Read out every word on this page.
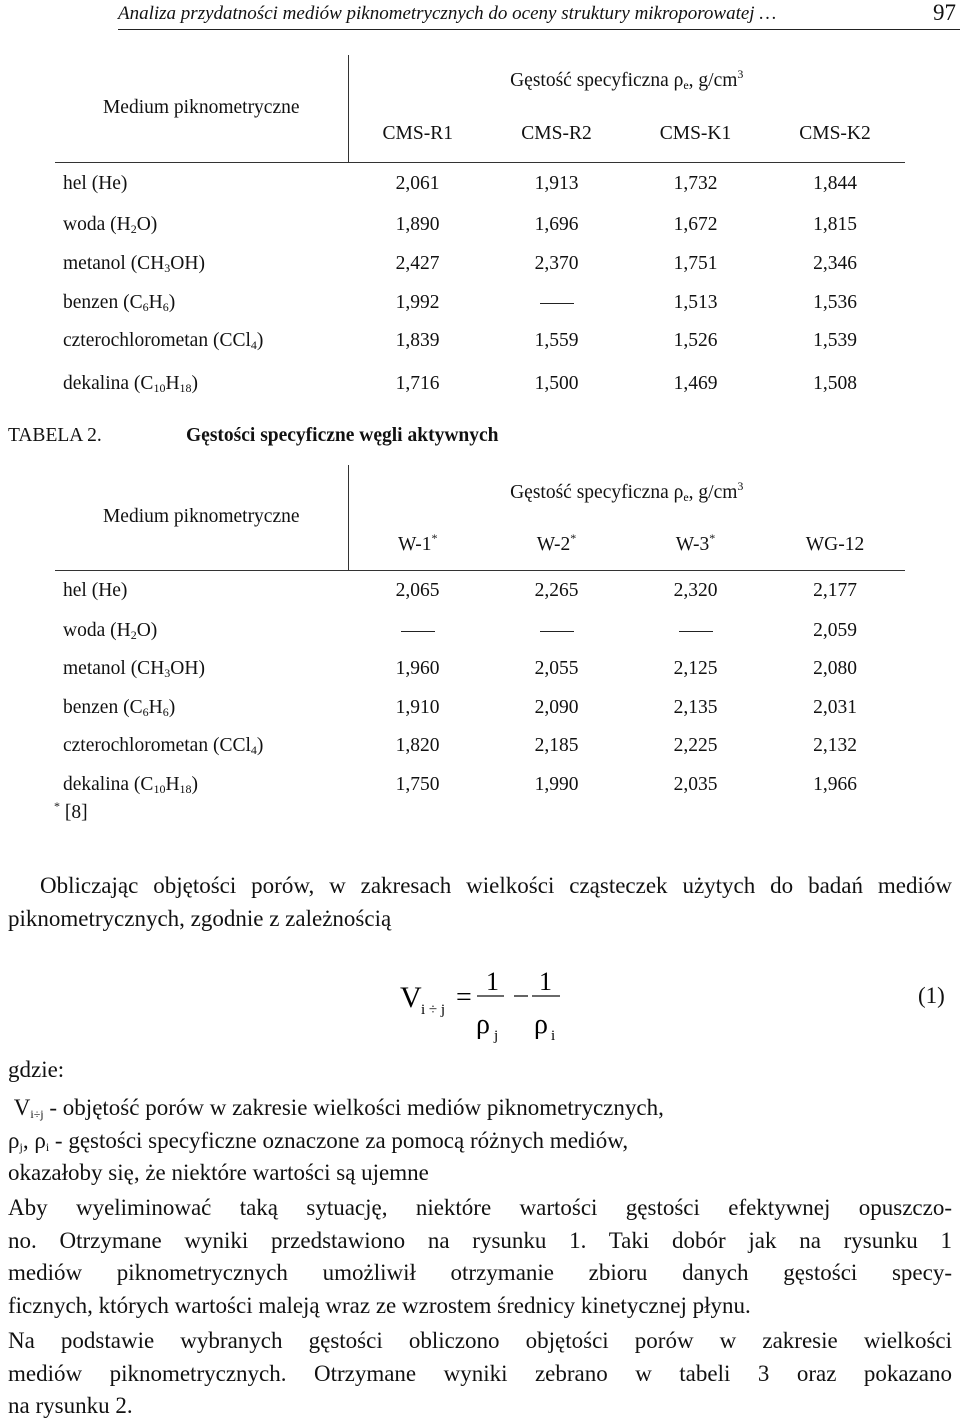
Analiza przydatności mediów piknometrycznych do oceny struktury mikroporowatej …	97
Medium piknometryczne	Gęstość specyficzna $\rho_e$, $g/cm^3$
	CMS-R1	CMS-R2	CMS-K1	CMS-K2
hel (He)	2,061	1,913	1,732	1,844
woda $(H_2O)$	1,890	1,696	1,672	1,815
metanol $(CH_3OH)$	2,427	2,370	1,751	2,346
benzen $(C_6H_6)$	1,992		1,513	1,536
czterochlorometan (CCl$_4$)	1,839	1,559	1,526	1,539
dekalina $(C_{10}H_{18})$	1,716	1,500	1,469	1,508
TABELA 2.	Gęstości specyficzne węgli aktywnych
Medium piknometryczne	Gęstość specyficzna $\rho_e$, $g/cm^3$
	W-1*	W-2*	W-3*	WG-12
hel (He)	2,065	2,265	2,320	2,177
woda $(H_2O)$				2,059
metanol $(CH_3OH)$	1,960	2,055	2,125	2,080
benzen $(C_6H_6)$	1,910	2,090	2,135	2,031
czterochlorometan (CCl$_4$)	1,820	2,185	2,225	2,132
dekalina $(C_{10}H_{18})$	1,750	1,990	2,035	1,966
* [8]
Obliczając objętości porów, w zakresach wielkości cząsteczek użytych do badań mediów piknometrycznych, zgodnie z zależnością
V i ÷ j =
1
ρ j
1
ρ i
(1)
gdzie:
$V_{i\div j}$ - objętość porów w zakresie wielkości mediów piknometrycznych,
$\rho_j$, $\rho_i$ - gęstości specyficzne oznaczone za pomocą różnych mediów,
okazałoby się, że niektóre wartości są ujemne
Aby wyeliminować taką sytuację, niektóre wartości gęstości efektywnej opuszczo-
no. Otrzymane wyniki przedstawiono na rysunku 1. Taki dobór jak na rysunku 1
mediów piknometrycznych umożliwił otrzymanie zbioru danych gęstości specy-
ficznych, których wartości maleją wraz ze wzrostem średnicy kinetycznej płynu.
Na podstawie wybranych gęstości obliczono objętości porów w zakresie wielkości
mediów piknometrycznych. Otrzymane wyniki zebrano w tabeli 3 oraz pokazano
na rysunku 2.
